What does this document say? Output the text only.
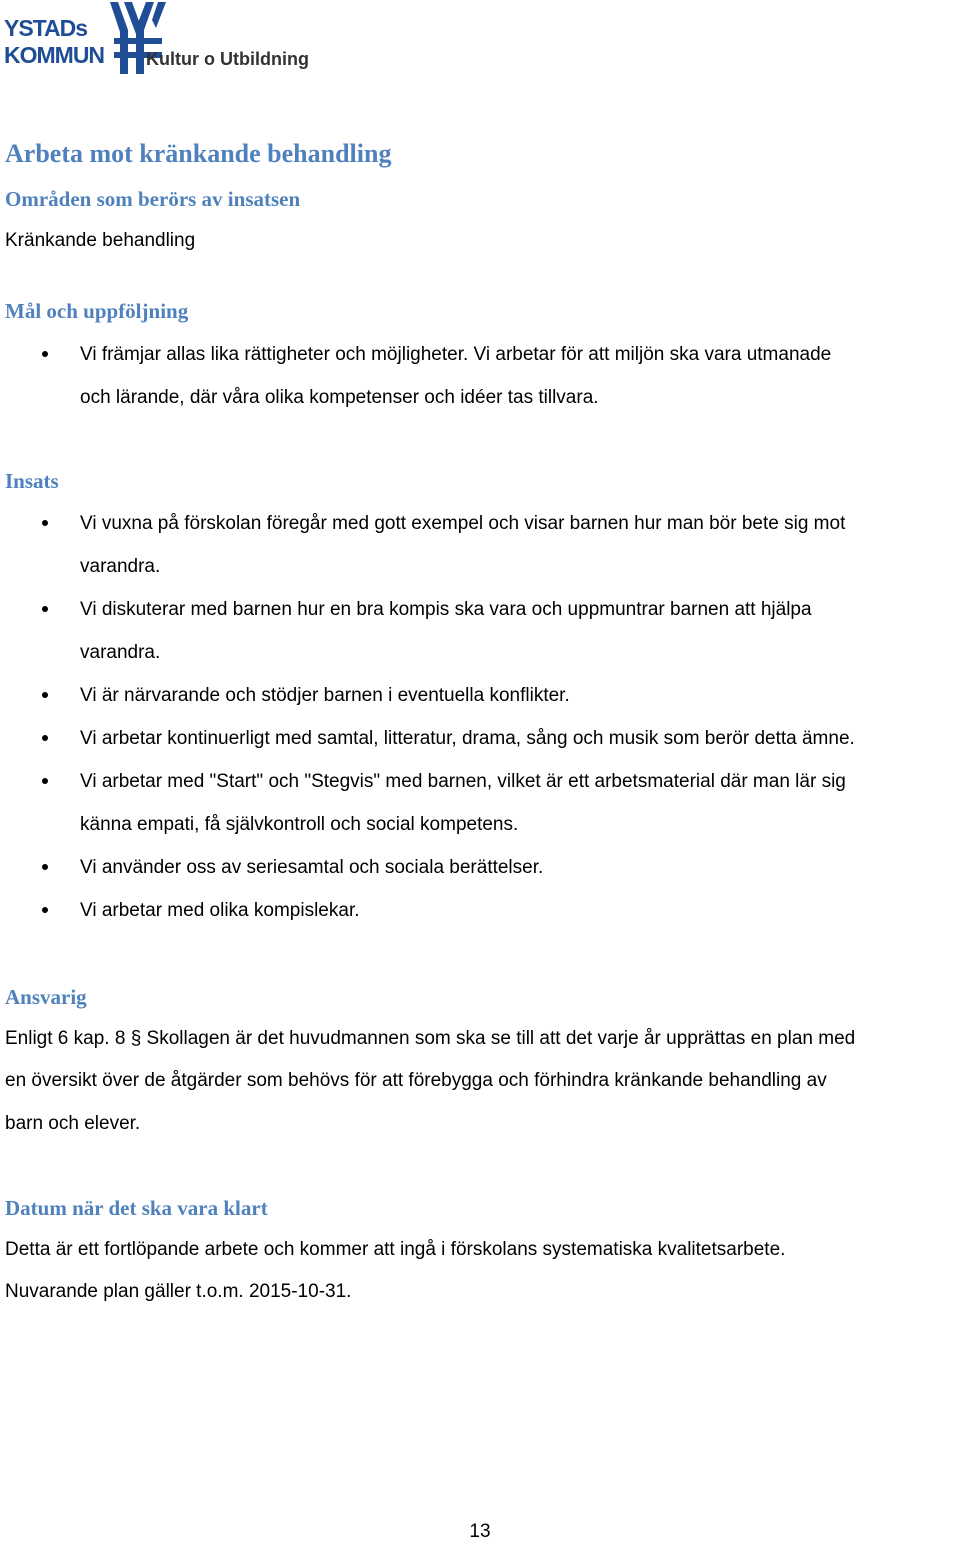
YSTADs
KOMMUN Kultur o Utbildning
Arbeta mot kränkande behandling
Områden som berörs av insatsen

Kränkande behandling

Mål och uppföljning
Vi främjar allas lika rättigheter och möjligheter. Vi arbetar för att miljön ska vara utmanade
och lärande, där våra olika kompetenser och idéer tas tillvara.
Insats
Vi vuxna på förskolan föregår med gott exempel och visar barnen hur man bör bete sig mot
varandra.
Vi diskuterar med barnen hur en bra kompis ska vara och uppmuntrar barnen att hjälpa
varandra.
Vi är närvarande och stödjer barnen i eventuella konflikter.
Vi arbetar kontinuerligt med samtal, litteratur, drama, sång och musik som berör detta ämne.
Vi arbetar med "Start" och "Stegvis" med barnen, vilket är ett arbetsmaterial där man lär sig
känna empati, få självkontroll och social kompetens.
Vi använder oss av seriesamtal och sociala berättelser.
Vi arbetar med olika kompislekar.
Ansvarig

Enligt 6 kap. 8 § Skollagen är det huvudmannen som ska se till att det varje år upprättas en plan med

en översikt över de åtgärder som behövs för att förebygga och förhindra kränkande behandling av

barn och elever.

Datum när det ska vara klart

Detta är ett fortlöpande arbete och kommer att ingå i förskolans systematiska kvalitetsarbete.

Nuvarande plan gäller t.o.m. 2015-10-31.

13
